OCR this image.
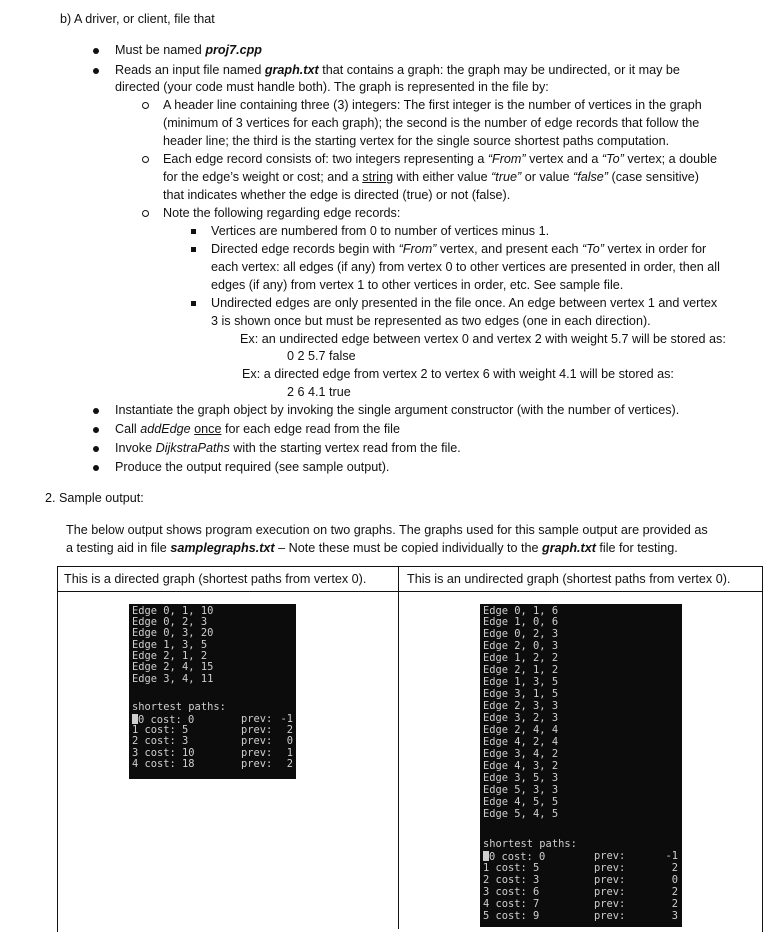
b) A driver, or client, file that
Must be named proj7.cpp
Reads an input file named graph.txt that contains a graph: the graph may be undirected, or it may be
directed (your code must handle both). The graph is represented in the file by:
A header line containing three (3) integers: The first integer is the number of vertices in the graph
(minimum of 3 vertices for each graph); the second is the number of edge records that follow the
header line; the third is the starting vertex for the single source shortest paths computation.
Each edge record consists of: two integers representing a “From” vertex and a “To” vertex; a double
for the edge’s weight or cost; and a string with either value “true” or value “false” (case sensitive)
that indicates whether the edge is directed (true) or not (false).
Note the following regarding edge records:
Vertices are numbered from 0 to number of vertices minus 1.
Directed edge records begin with “From” vertex, and present each “To” vertex in order for
each vertex: all edges (if any) from vertex 0 to other vertices are presented in order, then all
edges (if any) from vertex 1 to other vertices in order, etc. See sample file.
Undirected edges are only presented in the file once. An edge between vertex 1 and vertex
3 is shown once but must be represented as two edges (one in each direction).
Ex: an undirected edge between vertex 0 and vertex 2 with weight 5.7 will be stored as:
0 2 5.7 false
Ex: a directed edge from vertex 2 to vertex 6 with weight 4.1 will be stored as:
2 6 4.1 true
Instantiate the graph object by invoking the single argument constructor (with the number of vertices).
Call addEdge once for each edge read from the file
Invoke DijkstraPaths with the starting vertex read from the file.
Produce the output required (see sample output).
2. Sample output:
The below output shows program execution on two graphs. The graphs used for this sample output are provided as
a testing aid in file samplegraphs.txt – Note these must be copied individually to the graph.txt file for testing.
This is a directed graph (shortest paths from vertex 0).	This is an undirected graph (shortest paths from vertex 0).
Edge 0, 1, 10
Edge 0, 2, 3
Edge 0, 3, 20
Edge 1, 3, 5
Edge 2, 1, 2
Edge 2, 4, 15
Edge 3, 4, 11
shortest paths:
0 cost: 0
1 cost: 5
2 cost: 3
3 cost: 10
4 cost: 18
prev:
prev:
prev:
prev:
prev:
-1
2
0
1
2
Edge 0, 1, 6
Edge 1, 0, 6
Edge 0, 2, 3
Edge 2, 0, 3
Edge 1, 2, 2
Edge 2, 1, 2
Edge 1, 3, 5
Edge 3, 1, 5
Edge 2, 3, 3
Edge 3, 2, 3
Edge 2, 4, 4
Edge 4, 2, 4
Edge 3, 4, 2
Edge 4, 3, 2
Edge 3, 5, 3
Edge 5, 3, 3
Edge 4, 5, 5
Edge 5, 4, 5
shortest paths:
0 cost: 0
1 cost: 5
2 cost: 3
3 cost: 6
4 cost: 7
5 cost: 9
prev:
prev:
prev:
prev:
prev:
prev:
-1
2
0
2
2
3
